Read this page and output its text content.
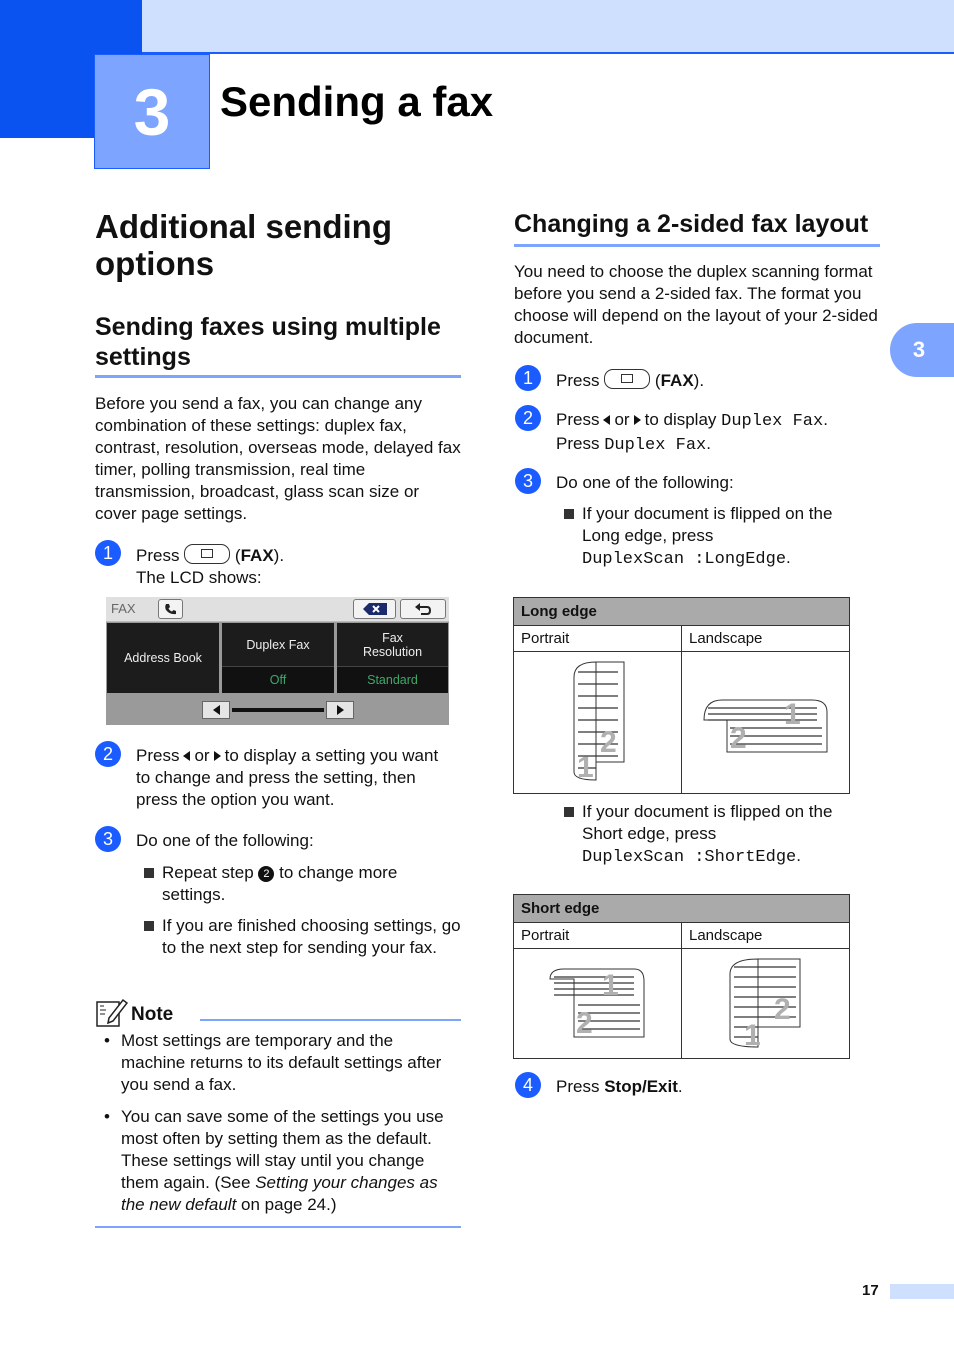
3	Sending a fax
3
Additional sending options
Sending faxes using multiple settings
Before you send a fax, you can change any combination of these settings: duplex fax, contrast, resolution, overseas mode, delayed fax timer, polling transmission, real time transmission, broadcast, glass scan size or cover page settings.
1	Press	(FAX).
The LCD shows:
FAX
Address Book
Duplex Fax
Off
Fax Resolution
Standard
2	Press or to display a setting you want to change and press the setting, then press the option you want.
3	Do one of the following:
Repeat step 2 to change more settings.
If you are finished choosing settings, go to the next step for sending your fax.
Note
• Most settings are temporary and the machine returns to its default settings after you send a fax.
• You can save some of the settings you use most often by setting them as the default. These settings will stay until you change them again. (See Setting your changes as the new default on page 24.)
Changing a 2-sided fax layout
You need to choose the duplex scanning format before you send a 2-sided fax. The format you choose will depend on the layout of your 2-sided document.
1	Press	(FAX).
2	Press or to display Duplex Fax.
Press Duplex Fax.
3	Do one of the following:
If your document is flipped on the Long edge, press
DuplexScan :LongEdge.
Long edge	
Portrait	Landscape

2
1	1
2
If your document is flipped on the Short edge, press
DuplexScan :ShortEdge.
Short edge	
Portrait	Landscape

1
2	2
1
4	Press Stop/Exit.
17
